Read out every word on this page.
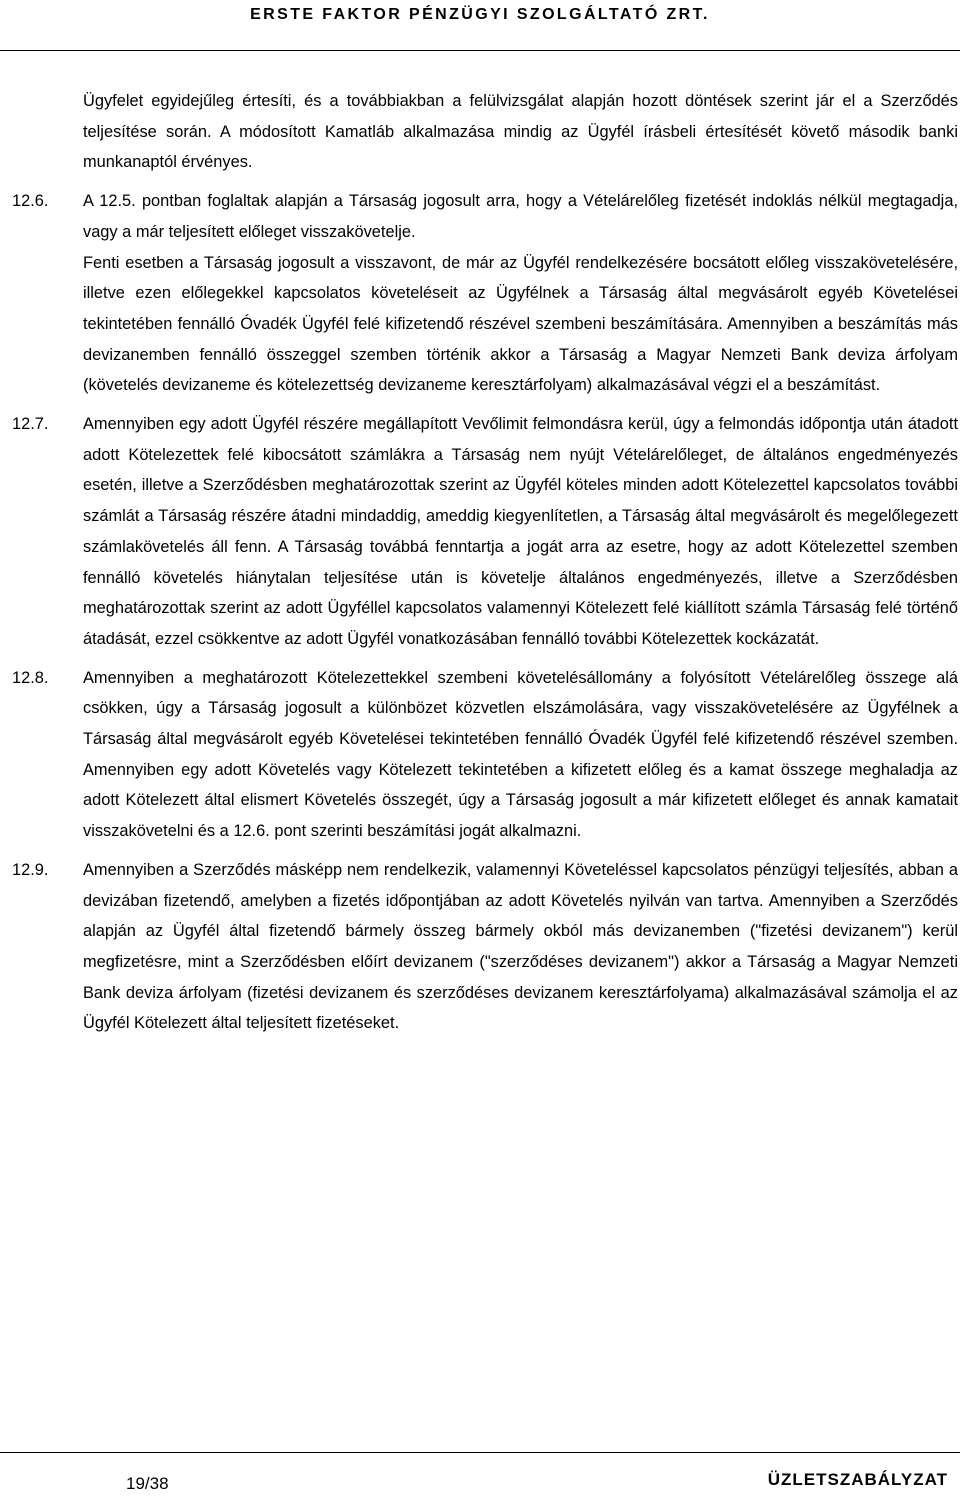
ERSTE FAKTOR PÉNZÜGYI SZOLGÁLTATÓ ZRT.
Ügyfelet egyidejűleg értesíti, és a továbbiakban a felülvizsgálat alapján hozott döntések szerint jár el a Szerződés teljesítése során. A módosított Kamatláb alkalmazása mindig az Ügyfél írásbeli értesítését követő második banki munkanaptól érvényes.
12.6. A 12.5. pontban foglaltak alapján a Társaság jogosult arra, hogy a Vételárelőleg fizetését indoklás nélkül megtagadja, vagy a már teljesített előleget visszakövetelje.
Fenti esetben a Társaság jogosult a visszavont, de már az Ügyfél rendelkezésére bocsátott előleg visszakövetelésére, illetve ezen előlegekkel kapcsolatos követeléseit az Ügyfélnek a Társaság által megvásárolt egyéb Követelései tekintetében fennálló Óvadék Ügyfél felé kifizetendő részével szembeni beszámítására. Amennyiben a beszámítás más devizanemben fennálló összeggel szemben történik akkor a Társaság a Magyar Nemzeti Bank deviza árfolyam (követelés devizaneme és kötelezettség devizaneme keresztárfolyam) alkalmazásával végzi el a beszámítást.
12.7. Amennyiben egy adott Ügyfél részére megállapított Vevőlimit felmondásra kerül, úgy a felmondás időpontja után átadott adott Kötelezettek felé kibocsátott számlákra a Társaság nem nyújt Vételárelőleget, de általános engedményezés esetén, illetve a Szerződésben meghatározottak szerint az Ügyfél köteles minden adott Kötelezettel kapcsolatos további számlát a Társaság részére átadni mindaddig, ameddig kiegyenlítetlen, a Társaság által megvásárolt és megelőlegezett számlakövetelés áll fenn. A Társaság továbbá fenntartja a jogát arra az esetre, hogy az adott Kötelezettel szemben fennálló követelés hiánytalan teljesítése után is követelje általános engedményezés, illetve a Szerződésben meghatározottak szerint az adott Ügyféllel kapcsolatos valamennyi Kötelezett felé kiállított számla Társaság felé történő átadását, ezzel csökkentve az adott Ügyfél vonatkozásában fennálló további Kötelezettek kockázatát.
12.8. Amennyiben a meghatározott Kötelezettekkel szembeni követelésállomány a folyósított Vételárelőleg összege alá csökken, úgy a Társaság jogosult a különbözet közvetlen elszámolására, vagy visszakövetelésére az Ügyfélnek a Társaság által megvásárolt egyéb Követelései tekintetében fennálló Óvadék Ügyfél felé kifizetendő részével szemben. Amennyiben egy adott Követelés vagy Kötelezett tekintetében a kifizetett előleg és a kamat összege meghaladja az adott Kötelezett által elismert Követelés összegét, úgy a Társaság jogosult a már kifizetett előleget és annak kamatait visszakövetelni és a 12.6. pont szerinti beszámítási jogát alkalmazni.
12.9. Amennyiben a Szerződés másképp nem rendelkezik, valamennyi Követeléssel kapcsolatos pénzügyi teljesítés, abban a devizában fizetendő, amelyben a fizetés időpontjában az adott Követelés nyilván van tartva. Amennyiben a Szerződés alapján az Ügyfél által fizetendő bármely összeg bármely okból más devizanemben ("fizetési devizanem") kerül megfizetésre, mint a Szerződésben előírt devizanem ("szerződéses devizanem") akkor a Társaság a Magyar Nemzeti Bank deviza árfolyam (fizetési devizanem és szerződéses devizanem keresztárfolyama) alkalmazásával számolja el az Ügyfél Kötelezett által teljesített fizetéseket.
19/38	ÜZLETSZABÁLYZAT
